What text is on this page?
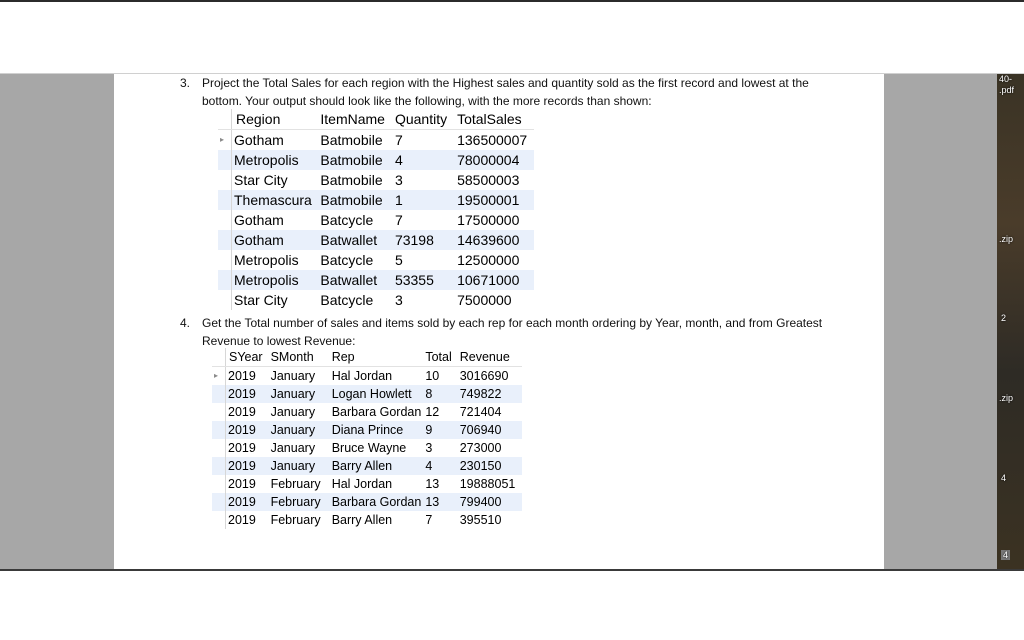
3. Project the Total Sales for each region with the Highest sales and quantity sold as the first record and lowest at the bottom. Your output should look like the following, with the more records than shown:
	Region	ItemName	Quantity	TotalSales
▸	Gotham	Batmobile	7	136500007
	Metropolis	Batmobile	4	78000004
	Star City	Batmobile	3	58500003
	Themascura	Batmobile	1	19500001
	Gotham	Batcycle	7	17500000
	Gotham	Batwallet	73198	14639600
	Metropolis	Batcycle	5	12500000
	Metropolis	Batwallet	53355	10671000
	Star City	Batcycle	3	7500000
4. Get the Total number of sales and items sold by each rep for each month ordering by Year, month, and from Greatest Revenue to lowest Revenue:
	SYear	SMonth	Rep	Total	Revenue
▸	2019	January	Hal Jordan	10	3016690
	2019	January	Logan Howlett	8	749822
	2019	January	Barbara Gordan	12	721404
	2019	January	Diana Prince	9	706940
	2019	January	Bruce Wayne	3	273000
	2019	January	Barry Allen	4	230150
	2019	February	Hal Jordan	13	19888051
	2019	February	Barbara Gordan	13	799400
	2019	February	Barry Allen	7	395510
40-
.pdf
.zip
2
.zip
4
4
